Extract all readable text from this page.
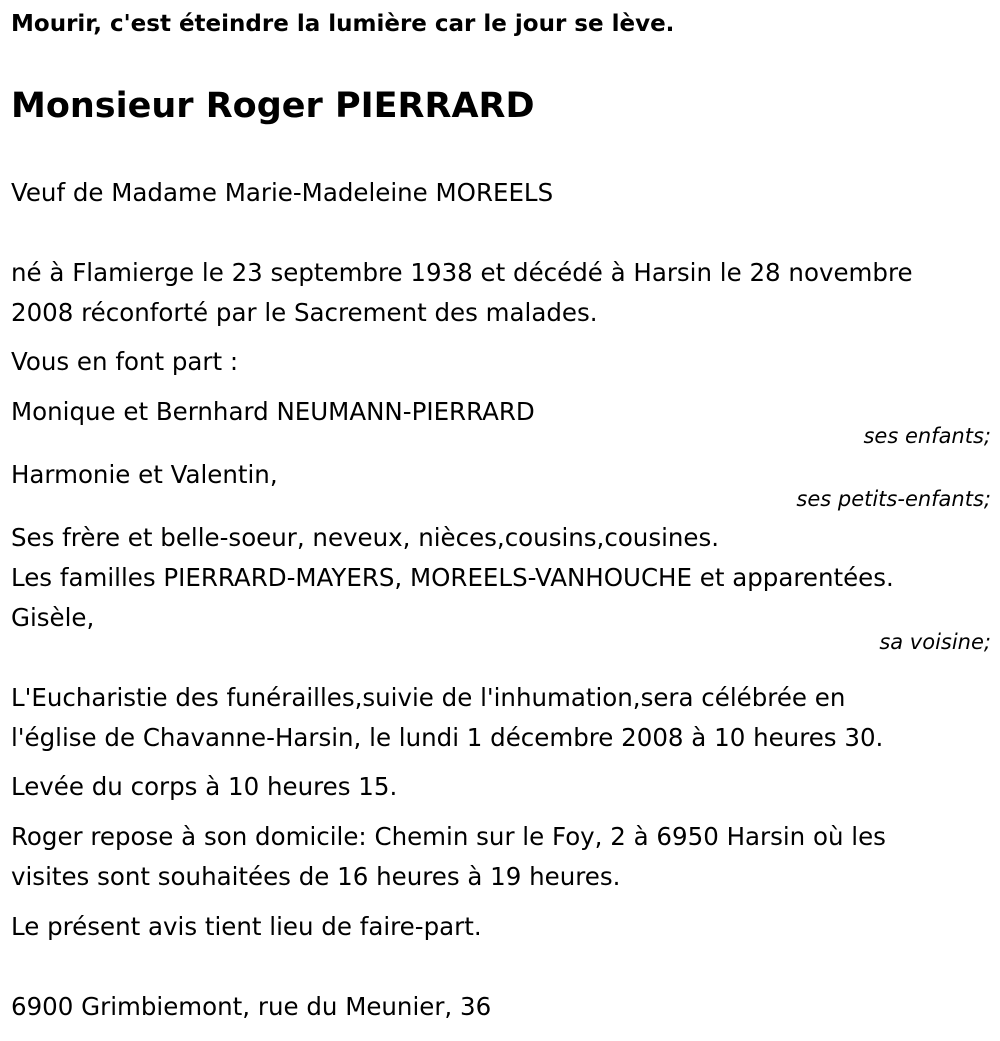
Mourir, c'est éteindre la lumière car le jour se lève.
Monsieur Roger PIERRARD
Veuf de Madame Marie-Madeleine MOREELS
né à Flamierge le 23 septembre 1938 et décédé à Harsin le 28 novembre
2008 réconforté par le Sacrement des malades.
Vous en font part :
Monique et Bernhard NEUMANN-PIERRARD
ses enfants;
Harmonie et Valentin,
ses petits-enfants;
Ses frère et belle-soeur, neveux, nièces,cousins,cousines.
Les familles PIERRARD-MAYERS, MOREELS-VANHOUCHE et apparentées.
Gisèle,
sa voisine;
L'Eucharistie des funérailles,suivie de l'inhumation,sera célébrée en
l'église de Chavanne-Harsin, le lundi 1 décembre 2008 à 10 heures 30.
Levée du corps à 10 heures 15.
Roger repose à son domicile: Chemin sur le Foy, 2 à 6950 Harsin où les
visites sont souhaitées de 16 heures à 19 heures.
Le présent avis tient lieu de faire-part.
6900 Grimbiemont, rue du Meunier, 36
